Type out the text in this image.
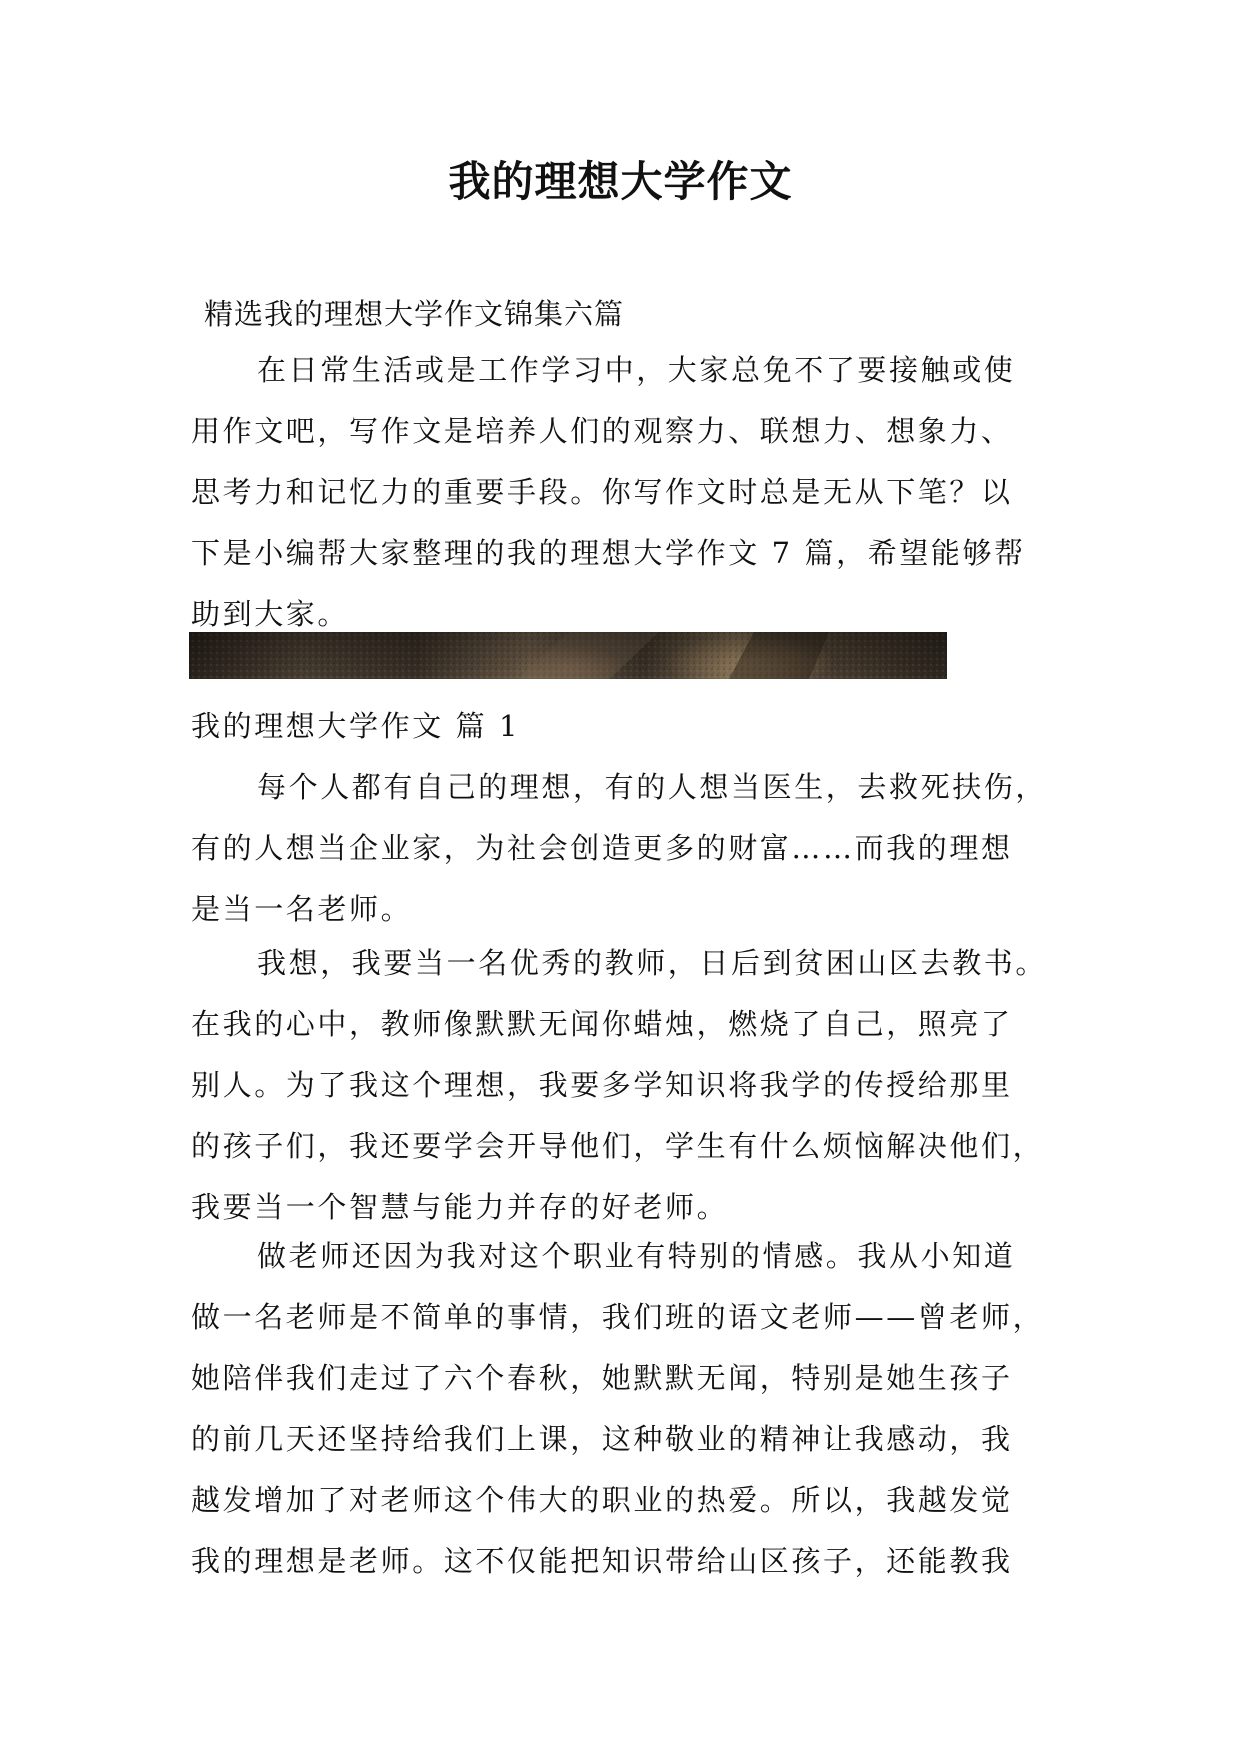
我的理想大学作文
精选我的理想大学作文锦集六篇
在日常生活或是工作学习中，大家总免不了要接触或使
用作文吧，写作文是培养人们的观察力、联想力、想象力、
思考力和记忆力的重要手段。你写作文时总是无从下笔？以
下是小编帮大家整理的我的理想大学作文 7 篇，希望能够帮
助到大家。
我的理想大学作文 篇 1
每个人都有自己的理想，有的人想当医生，去救死扶伤，
有的人想当企业家，为社会创造更多的财富……而我的理想
是当一名老师。
我想，我要当一名优秀的教师，日后到贫困山区去教书。
在我的心中，教师像默默无闻你蜡烛，燃烧了自己，照亮了
别人。为了我这个理想，我要多学知识将我学的传授给那里
的孩子们，我还要学会开导他们，学生有什么烦恼解决他们，
我要当一个智慧与能力并存的好老师。
做老师还因为我对这个职业有特别的情感。我从小知道
做一名老师是不简单的事情，我们班的语文老师——曾老师，
她陪伴我们走过了六个春秋，她默默无闻，特别是她生孩子
的前几天还坚持给我们上课，这种敬业的精神让我感动，我
越发增加了对老师这个伟大的职业的热爱。所以，我越发觉
我的理想是老师。这不仅能把知识带给山区孩子，还能教我
